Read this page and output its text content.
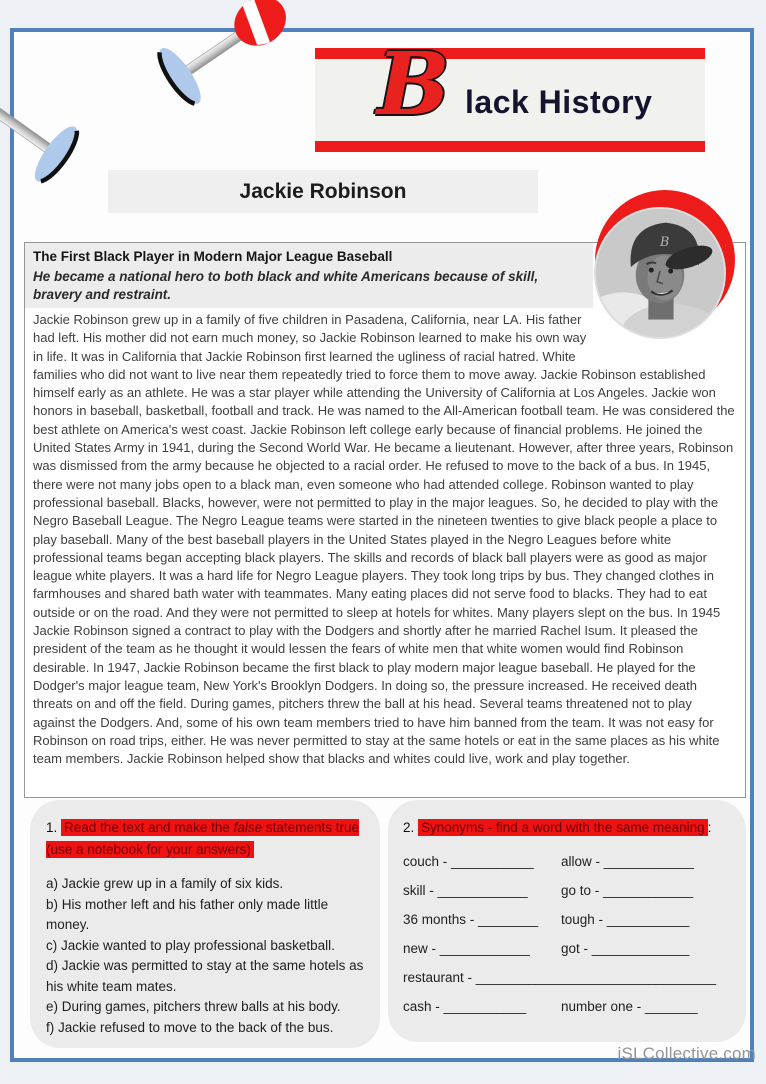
B lack History
Jackie Robinson
B
The First Black Player in Modern Major League Baseball
He became a national hero to both black and white Americans because of skill, bravery and restraint.

Jackie Robinson grew up in a family of five children in Pasadena, California, near LA. His father had left. His mother did not earn much money, so Jackie Robinson learned to make his own way in life. It was in California that Jackie Robinson first learned the ugliness of racial hatred. White families who did not want to live near them repeatedly tried to force them to move away. Jackie Robinson established himself early as an athlete. He was a star player while attending the University of California at Los Angeles. Jackie won honors in baseball, basketball, football and track. He was named to the All-American football team. He was considered the best athlete on America's west coast. Jackie Robinson left college early because of financial problems. He joined the United States Army in 1941, during the Second World War. He became a lieutenant. However, after three years, Robinson was dismissed from the army because he objected to a racial order. He refused to move to the back of a bus. In 1945, there were not many jobs open to a black man, even someone who had attended college. Robinson wanted to play professional baseball. Blacks, however, were not permitted to play in the major leagues. So, he decided to play with the Negro Baseball League. The Negro League teams were started in the nineteen twenties to give black people a place to play baseball. Many of the best baseball players in the United States played in the Negro Leagues before white professional teams began accepting black players. The skills and records of black ball players were as good as major league white players. It was a hard life for Negro League players. They took long trips by bus. They changed clothes in farmhouses and shared bath water with teammates. Many eating places did not serve food to blacks. They had to eat outside or on the road. And they were not permitted to sleep at hotels for whites. Many players slept on the bus. In 1945 Jackie Robinson signed a contract to play with the Dodgers and shortly after he married Rachel Isum. It pleased the president of the team as he thought it would lessen the fears of white men that white women would find Robinson desirable. In 1947, Jackie Robinson became the first black to play modern major league baseball. He played for the Dodger's major league team, New York's Brooklyn Dodgers. In doing so, the pressure increased. He received death threats on and off the field. During games, pitchers threw the ball at his head. Several teams threatened not to play against the Dodgers. And, some of his own team members tried to have him banned from the team. It was not easy for Robinson on road trips, either. He was never permitted to stay at the same hotels or eat in the same places as his white team members. Jackie Robinson helped show that blacks and whites could live, work and play together.

1. Read the text and make the false statements true (use a notebook for your answers)
a) Jackie grew up in a family of six kids.
b) His mother left and his father only made little money.
c) Jackie wanted to play professional basketball.
d) Jackie was permitted to stay at the same hotels as his white team mates.
e) During games, pitchers threw balls at his body.
f) Jackie refused to move to the back of the bus.
2. Synonyms - find a word with the same meaning :
couch - ___________	allow - ____________
skill - ____________	go to - ____________
36 months - ________	tough - ___________
new - ____________	got - _____________
restaurant - ________________________________
cash - ___________	number one - _______
iSLCollective.com
